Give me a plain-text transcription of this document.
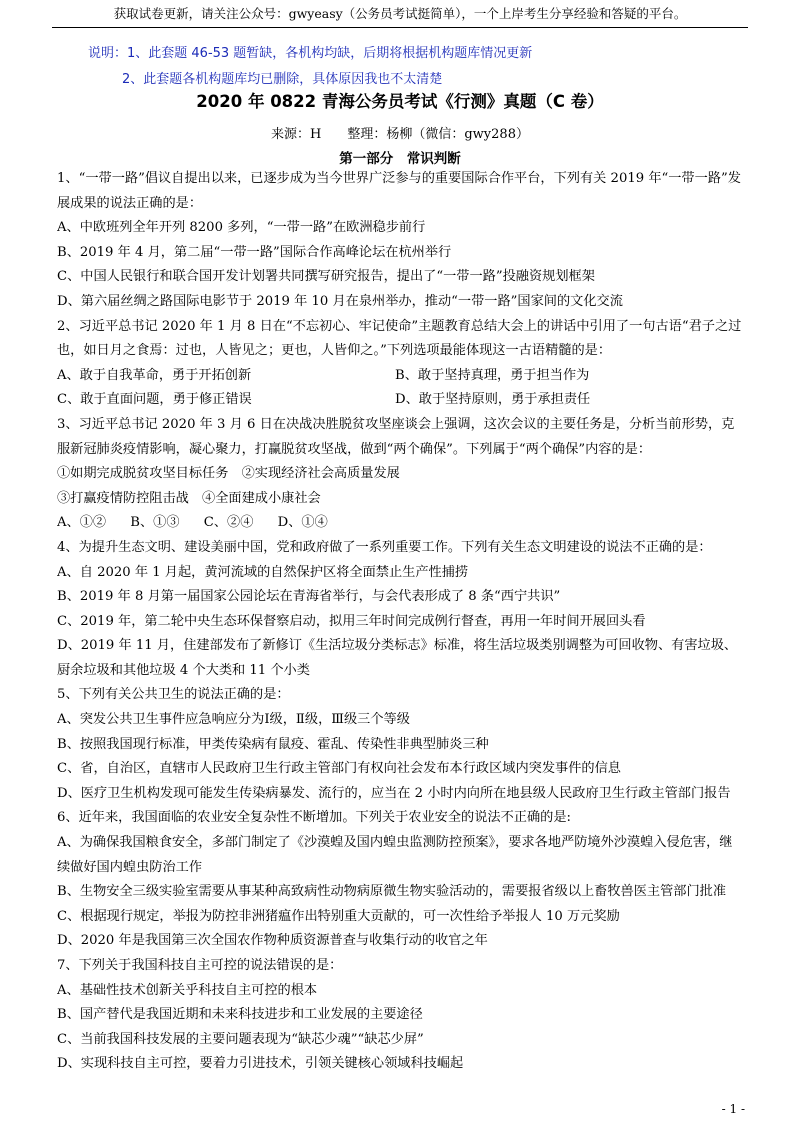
获取试卷更新，请关注公众号：gwyeasy（公务员考试挺简单），一个上岸考生分享经验和答疑的平台。
说明：1、此套题 46-53 题暂缺，各机构均缺，后期将根据机构题库情况更新
2、此套题各机构题库均已删除，具体原因我也不太清楚
2020 年 0822 青海公务员考试《行测》真题（C 卷）
来源：H　　整理：杨柳（微信：gwy288）
第一部分　常识判断

1、“一带一路”倡议自提出以来，已逐步成为当今世界广泛参与的重要国际合作平台，下列有关 2019 年“一带一路”发展成果的说法正确的是：

A、中欧班列全年开列 8200 多列，“一带一路”在欧洲稳步前行

B、2019 年 4 月，第二届“一带一路”国际合作高峰论坛在杭州举行

C、中国人民银行和联合国开发计划署共同撰写研究报告，提出了“一带一路”投融资规划框架

D、第六届丝绸之路国际电影节于 2019 年 10 月在泉州举办，推动“一带一路”国家间的文化交流

2、习近平总书记 2020 年 1 月 8 日在“不忘初心、牢记使命”主题教育总结大会上的讲话中引用了一句古语“君子之过也，如日月之食焉：过也，人皆见之；更也，人皆仰之。”下列选项最能体现这一古语精髓的是：

A、敢于自我革命，勇于开拓创新	B、敢于坚持真理，勇于担当作为
C、敢于直面问题，勇于修正错误	D、敢于坚持原则，勇于承担责任

3、习近平总书记 2020 年 3 月 6 日在决战决胜脱贫攻坚座谈会上强调，这次会议的主要任务是，分析当前形势，克服新冠肺炎疫情影响，凝心聚力，打赢脱贫攻坚战，做到“两个确保”。下列属于“两个确保”内容的是：

①如期完成脱贫攻坚目标任务　②实现经济社会高质量发展

③打赢疫情防控阻击战　④全面建成小康社会

A、①② B、①③ C、②④ D、①④

4、为提升生态文明、建设美丽中国，党和政府做了一系列重要工作。下列有关生态文明建设的说法不正确的是：

A、自 2020 年 1 月起，黄河流域的自然保护区将全面禁止生产性捕捞

B、2019 年 8 月第一届国家公园论坛在青海省举行，与会代表形成了 8 条“西宁共识”

C、2019 年，第二轮中央生态环保督察启动，拟用三年时间完成例行督查，再用一年时间开展回头看

D、2019 年 11 月，住建部发布了新修订《生活垃圾分类标志》标准，将生活垃圾类别调整为可回收物、有害垃圾、厨余垃圾和其他垃圾 4 个大类和 11 个小类

5、下列有关公共卫生的说法正确的是：

A、突发公共卫生事件应急响应分为Ⅰ级，Ⅱ级，Ⅲ级三个等级

B、按照我国现行标准，甲类传染病有鼠疫、霍乱、传染性非典型肺炎三种

C、省，自治区，直辖市人民政府卫生行政主管部门有权向社会发布本行政区域内突发事件的信息

D、医疗卫生机构发现可能发生传染病暴发、流行的，应当在 2 小时内向所在地县级人民政府卫生行政主管部门报告

6、近年来，我国面临的农业安全复杂性不断增加。下列关于农业安全的说法不正确的是:

A、为确保我国粮食安全，多部门制定了《沙漠蝗及国内蝗虫监测防控预案》，要求各地严防境外沙漠蝗入侵危害，继续做好国内蝗虫防治工作

B、生物安全三级实验室需要从事某种高致病性动物病原微生物实验活动的，需要报省级以上畜牧兽医主管部门批准

C、根据现行规定，举报为防控非洲猪瘟作出特别重大贡献的，可一次性给予举报人 10 万元奖励

D、2020 年是我国第三次全国农作物种质资源普查与收集行动的收官之年

7、下列关于我国科技自主可控的说法错误的是：

A、基础性技术创新关乎科技自主可控的根本

B、国产替代是我国近期和未来科技进步和工业发展的主要途径

C、当前我国科技发展的主要问题表现为“缺芯少魂”“缺芯少屏”

D、实现科技自主可控，要着力引进技术，引领关键核心领域科技崛起

- 1 -
